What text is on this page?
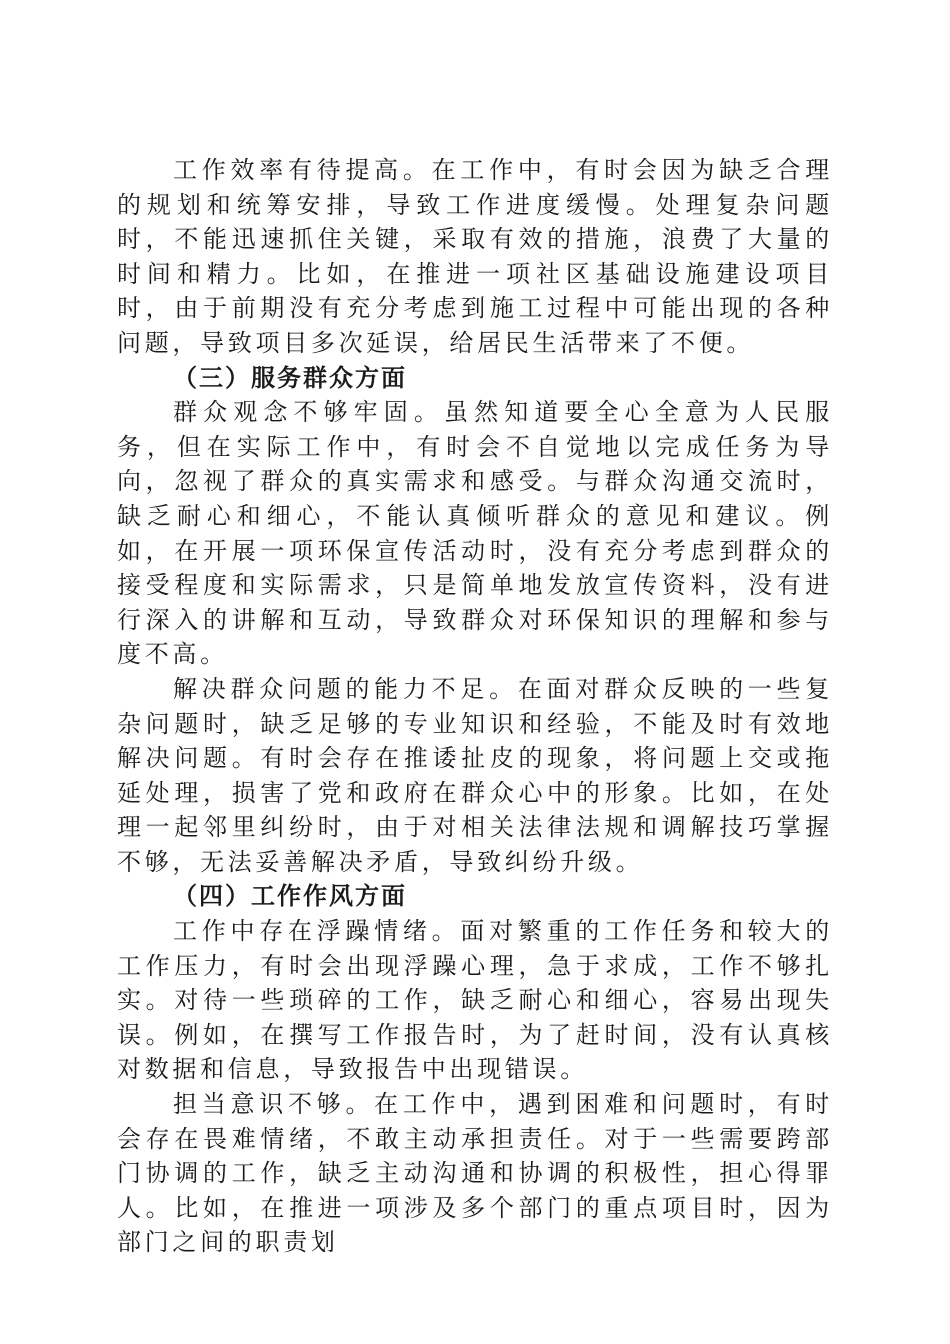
工作效率有待提高。在工作中，有时会因为缺乏合理的规划和统筹安排，导致工作进度缓慢。处理复杂问题时，不能迅速抓住关键，采取有效的措施，浪费了大量的时间和精力。比如，在推进一项社区基础设施建设项目时，由于前期没有充分考虑到施工过程中可能出现的各种问题，导致项目多次延误，给居民生活带来了不便。

（三）服务群众方面

群众观念不够牢固。虽然知道要全心全意为人民服务，但在实际工作中，有时会不自觉地以完成任务为导向，忽视了群众的真实需求和感受。与群众沟通交流时，缺乏耐心和细心，不能认真倾听群众的意见和建议。例如，在开展一项环保宣传活动时，没有充分考虑到群众的接受程度和实际需求，只是简单地发放宣传资料，没有进行深入的讲解和互动，导致群众对环保知识的理解和参与度不高。

解决群众问题的能力不足。在面对群众反映的一些复杂问题时，缺乏足够的专业知识和经验，不能及时有效地解决问题。有时会存在推诿扯皮的现象，将问题上交或拖延处理，损害了党和政府在群众心中的形象。比如，在处理一起邻里纠纷时，由于对相关法律法规和调解技巧掌握不够，无法妥善解决矛盾，导致纠纷升级。

（四）工作作风方面

工作中存在浮躁情绪。面对繁重的工作任务和较大的工作压力，有时会出现浮躁心理，急于求成，工作不够扎实。对待一些琐碎的工作，缺乏耐心和细心，容易出现失误。例如，在撰写工作报告时，为了赶时间，没有认真核对数据和信息，导致报告中出现错误。

担当意识不够。在工作中，遇到困难和问题时，有时会存在畏难情绪，不敢主动承担责任。对于一些需要跨部门协调的工作，缺乏主动沟通和协调的积极性，担心得罪人。比如，在推进一项涉及多个部门的重点项目时，因为部门之间的职责划
